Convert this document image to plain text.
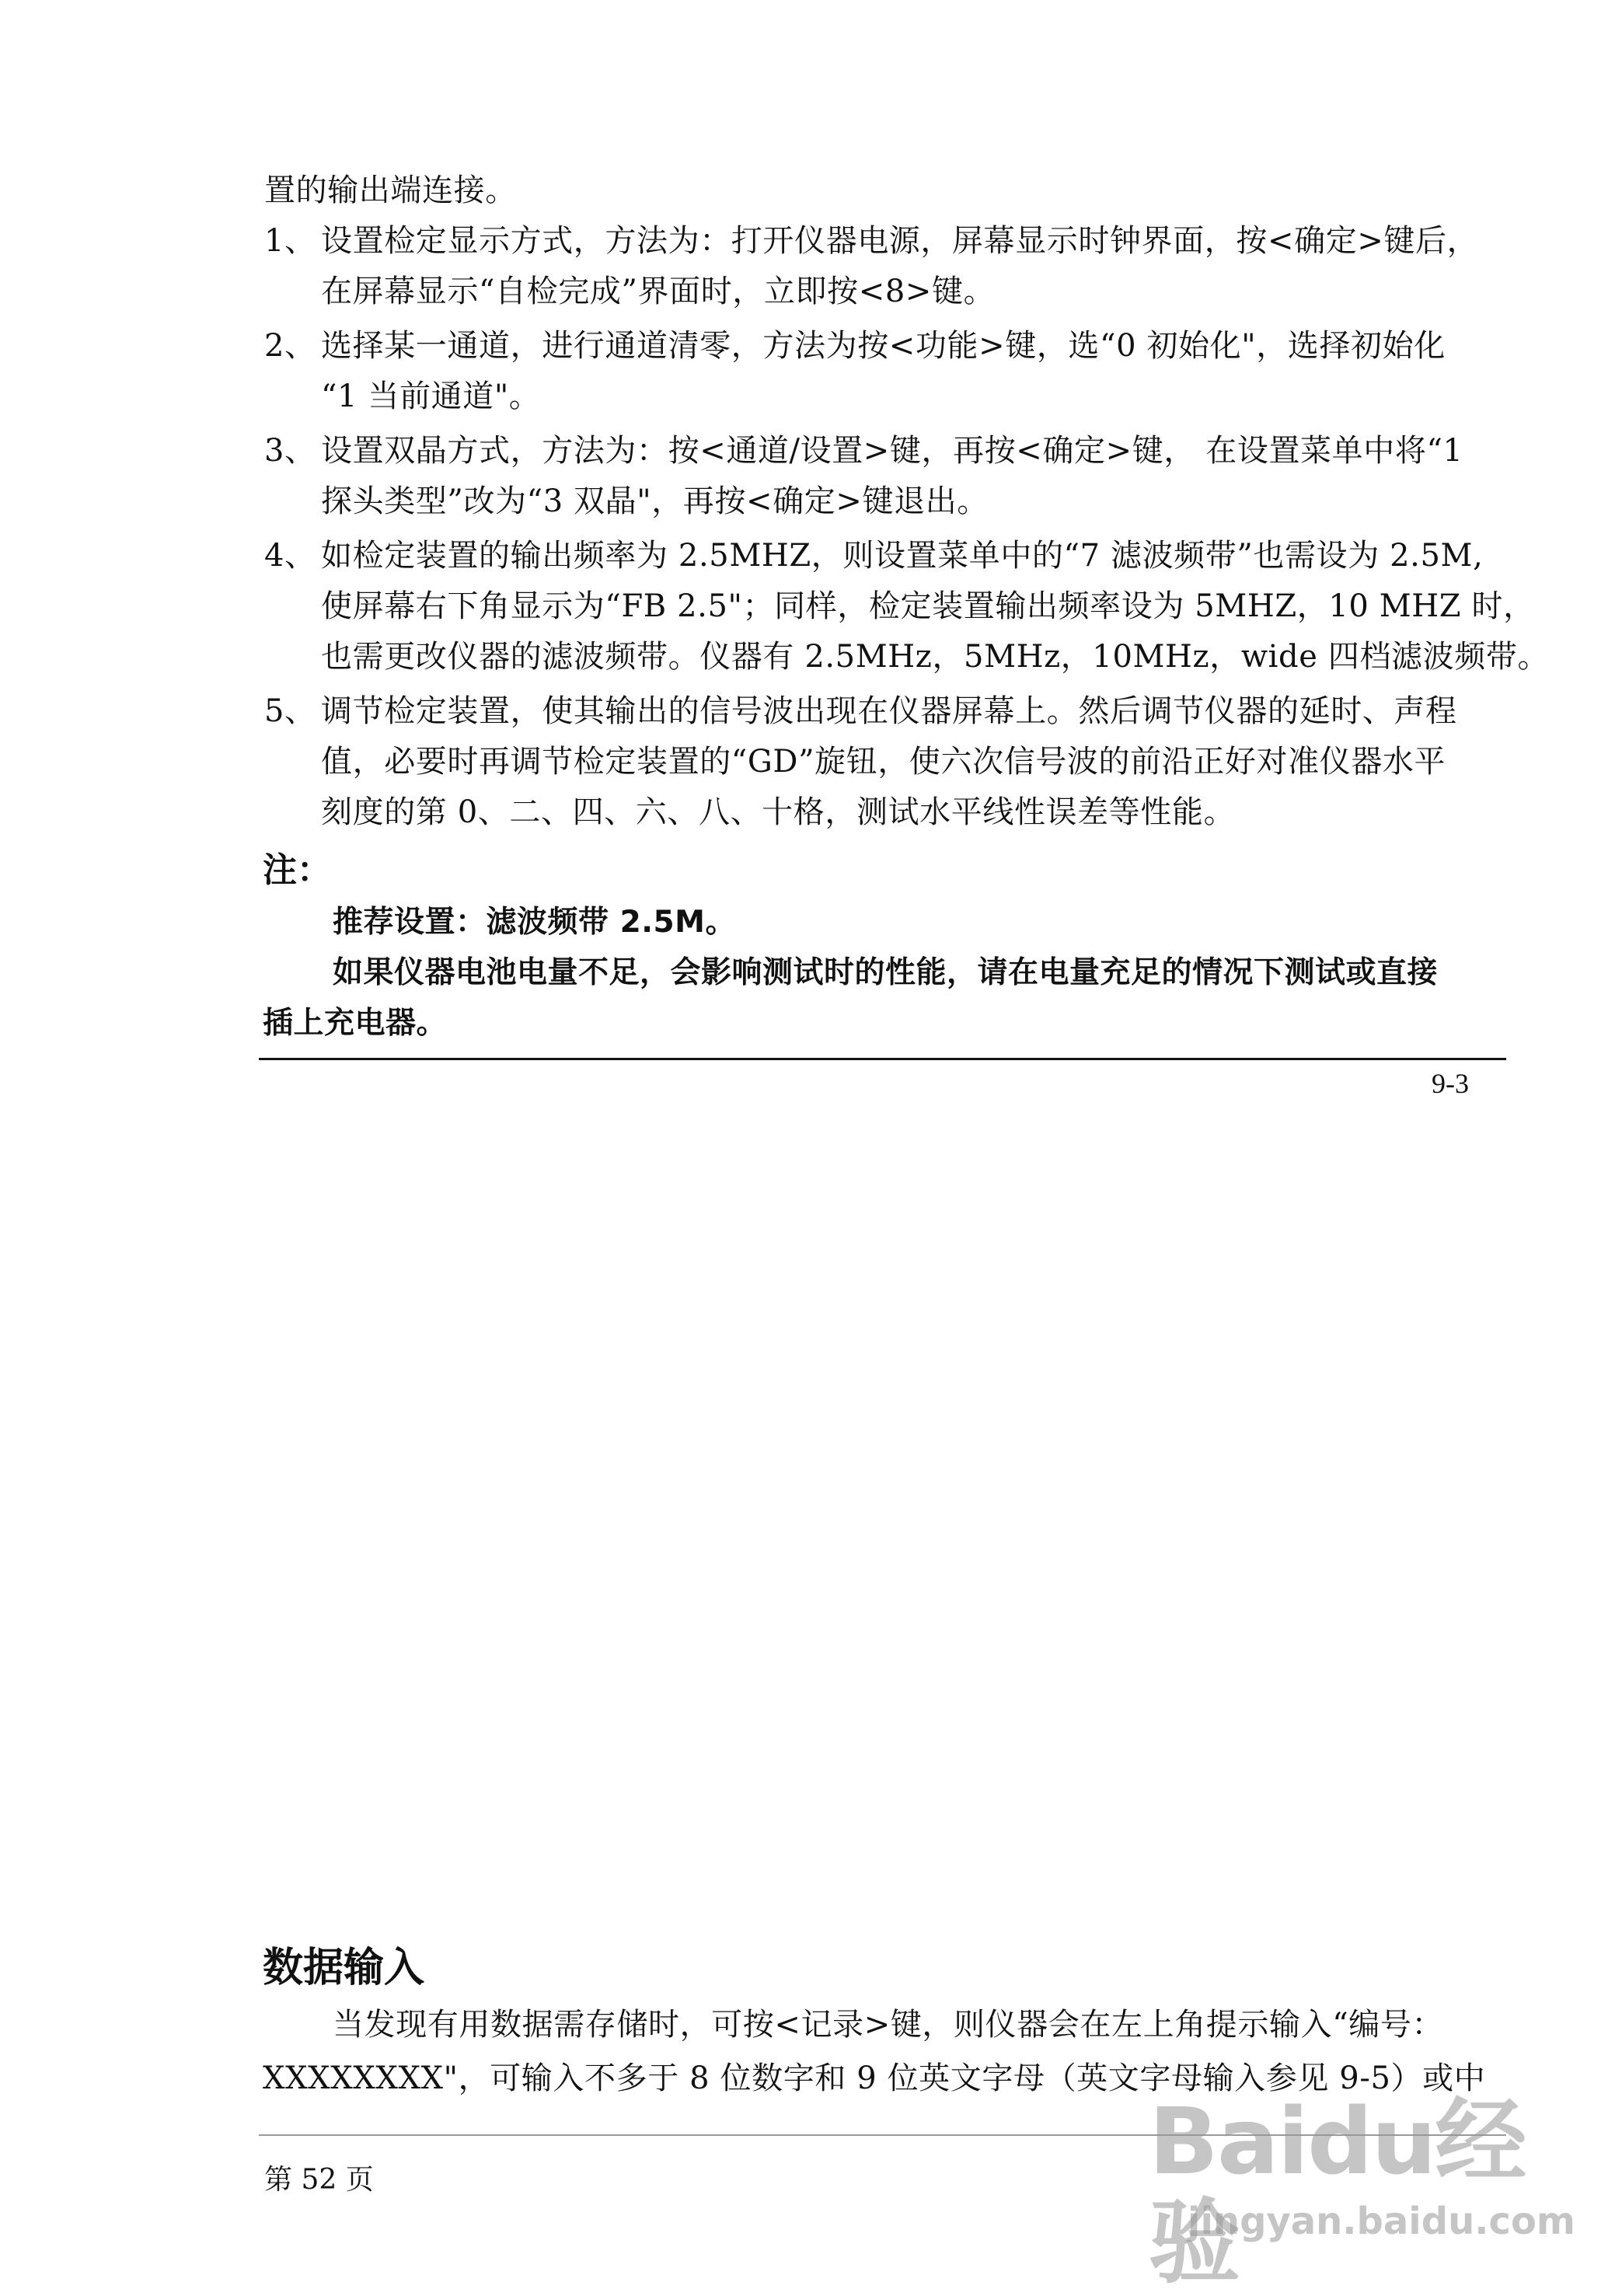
置的输出端连接。
1、 设置检定显示方式，方法为：打开仪器电源，屏幕显示时钟界面，按<确定>键后，
在屏幕显示“自检完成”界面时，立即按<8>键。
2、 选择某一通道，进行通道清零，方法为按<功能>键，选“0 初始化"，选择初始化
“1 当前通道"。
3、 设置双晶方式，方法为：按<通道/设置>键，再按<确定>键， 在设置菜单中将“1
探头类型”改为“3 双晶"，再按<确定>键退出。
4、 如检定装置的输出频率为 2.5MHZ，则设置菜单中的“7 滤波频带”也需设为 2.5M,
使屏幕右下角显示为“FB 2.5"；同样，检定装置输出频率设为 5MHZ，10 MHZ 时，
也需更改仪器的滤波频带。仪器有 2.5MHz，5MHz，10MHz，wide 四档滤波频带。
5、 调节检定装置，使其输出的信号波出现在仪器屏幕上。然后调节仪器的延时、声程
值，必要时再调节检定装置的“GD”旋钮，使六次信号波的前沿正好对准仪器水平
刻度的第 0、二、四、六、八、十格，测试水平线性误差等性能。
注：
推荐设置：滤波频带 2.5M。
如果仪器电池电量不足，会影响测试时的性能，请在电量充足的情况下测试或直接
插上充电器。
9-3
数据输入
当发现有用数据需存储时，可按<记录>键，则仪器会在左上角提示输入“编号：
XXXXXXXX"，可输入不多于 8 位数字和 9 位英文字母（英文字母输入参见 9-5）或中
第 52 页	Baidu经验
jingyan.baidu.com
